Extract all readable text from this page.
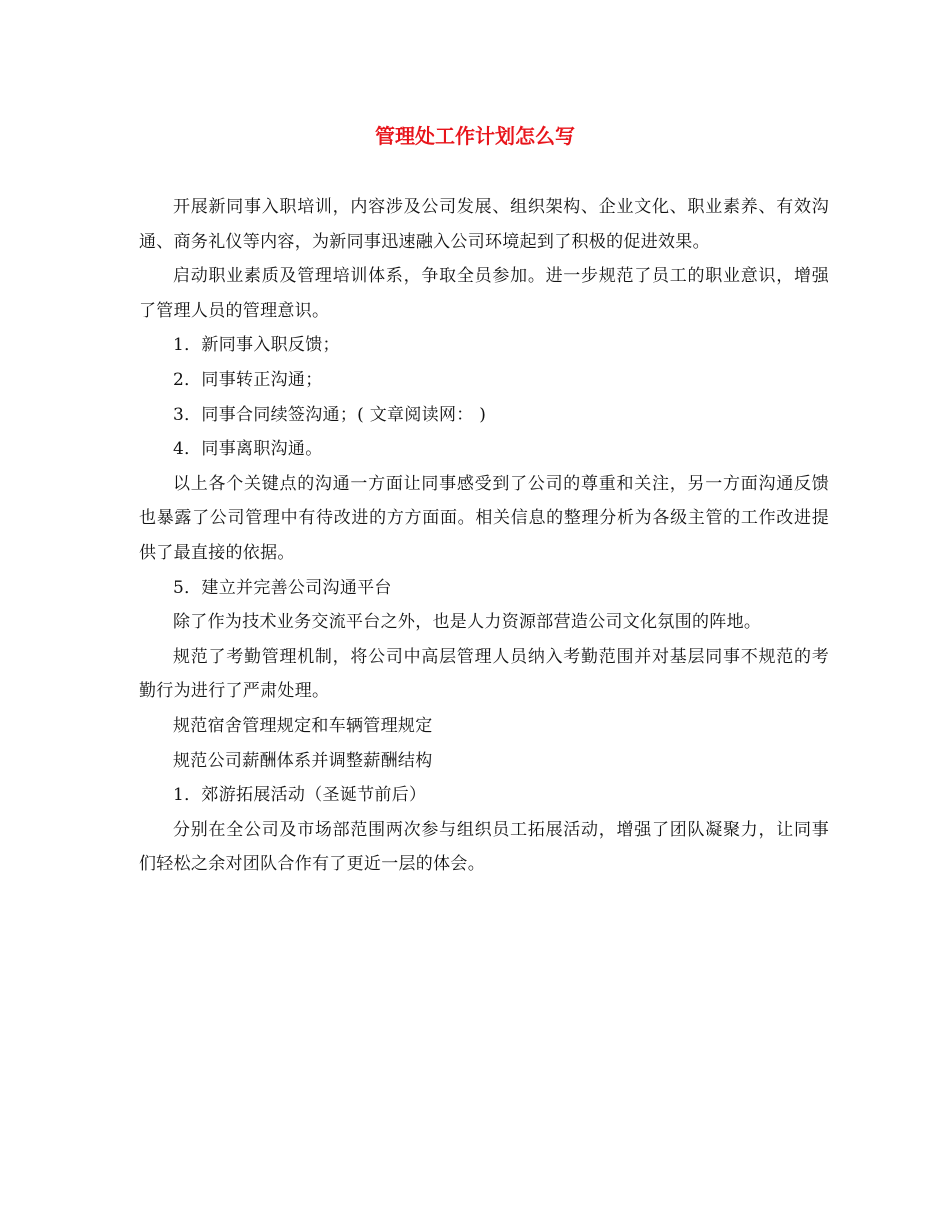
管理处工作计划怎么写

开展新同事入职培训，内容涉及公司发展、组织架构、企业文化、职业素养、有效沟通、商务礼仪等内容，为新同事迅速融入公司环境起到了积极的促进效果。

启动职业素质及管理培训体系，争取全员参加。进一步规范了员工的职业意识，增强了管理人员的管理意识。

1．新同事入职反馈；

2．同事转正沟通；

3．同事合同续签沟通；( 文章阅读网： )

4．同事离职沟通。

以上各个关键点的沟通一方面让同事感受到了公司的尊重和关注，另一方面沟通反馈也暴露了公司管理中有待改进的方方面面。相关信息的整理分析为各级主管的工作改进提供了最直接的依据。

5．建立并完善公司沟通平台

除了作为技术业务交流平台之外，也是人力资源部营造公司文化氛围的阵地。

规范了考勤管理机制，将公司中高层管理人员纳入考勤范围并对基层同事不规范的考勤行为进行了严肃处理。

规范宿舍管理规定和车辆管理规定

规范公司薪酬体系并调整薪酬结构

1．郊游拓展活动（圣诞节前后）

分别在全公司及市场部范围两次参与组织员工拓展活动，增强了团队凝聚力，让同事们轻松之余对团队合作有了更近一层的体会。
